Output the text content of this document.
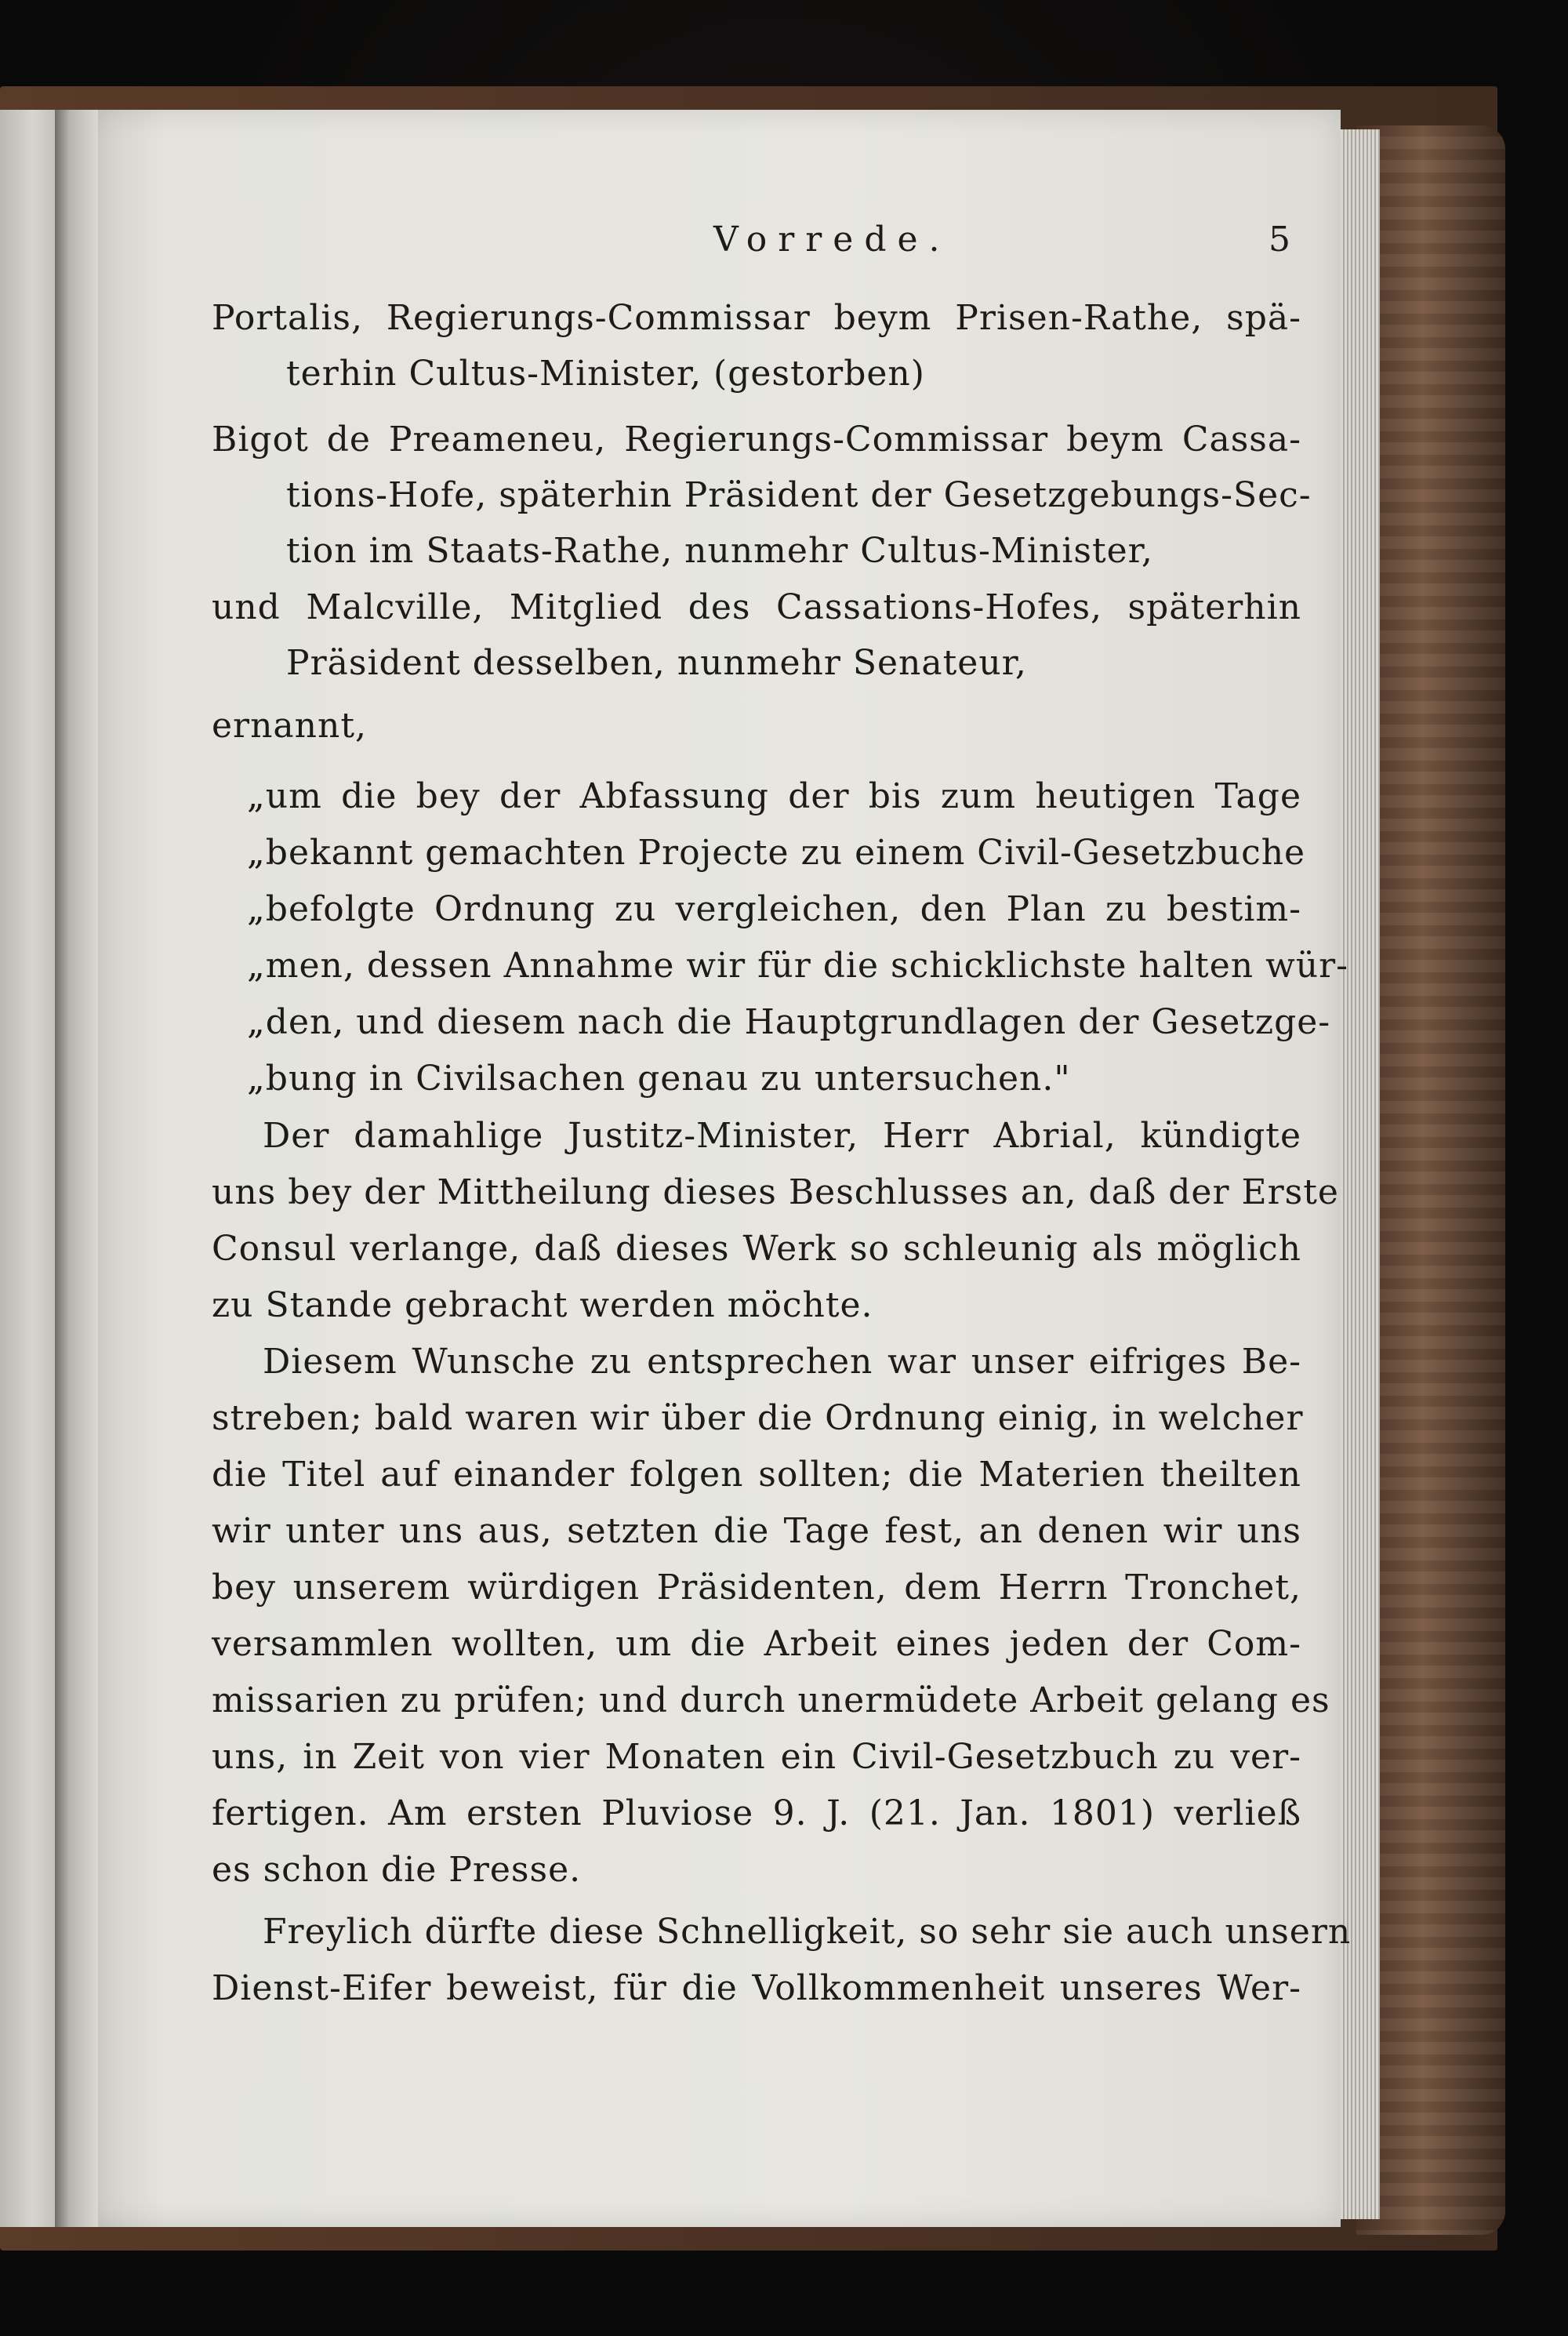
Vorrede.	5
Portalis, Regierungs-Commissar beym Prisen-Rathe, spä-
terhin Cultus-Minister, (gestorben)
Bigot de Preameneu, Regierungs-Commissar beym Cassa-
tions-Hofe, späterhin Präsident der Gesetzgebungs-Sec-
tion im Staats-Rathe, nunmehr Cultus-Minister,
und Malcville, Mitglied des Cassations-Hofes, späterhin
Präsident desselben, nunmehr Senateur,
ernannt,
„um die bey der Abfassung der bis zum heutigen Tage
„bekannt gemachten Projecte zu einem Civil-Gesetzbuche
„befolgte Ordnung zu vergleichen, den Plan zu bestim-
„men, dessen Annahme wir für die schicklichste halten wür-
„den, und diesem nach die Hauptgrundlagen der Gesetzge-
„bung in Civilsachen genau zu untersuchen."
Der damahlige Justitz-Minister, Herr Abrial, kündigte
uns bey der Mittheilung dieses Beschlusses an, daß der Erste
Consul verlange, daß dieses Werk so schleunig als möglich
zu Stande gebracht werden möchte.
Diesem Wunsche zu entsprechen war unser eifriges Be-
streben; bald waren wir über die Ordnung einig, in welcher
die Titel auf einander folgen sollten; die Materien theilten
wir unter uns aus, setzten die Tage fest, an denen wir uns
bey unserem würdigen Präsidenten, dem Herrn Tronchet,
versammlen wollten, um die Arbeit eines jeden der Com-
missarien zu prüfen; und durch unermüdete Arbeit gelang es
uns, in Zeit von vier Monaten ein Civil-Gesetzbuch zu ver-
fertigen. Am ersten Pluviose 9. J. (21. Jan. 1801) verließ
es schon die Presse.
Freylich dürfte diese Schnelligkeit, so sehr sie auch unsern
Dienst-Eifer beweist, für die Vollkommenheit unseres Wer-
